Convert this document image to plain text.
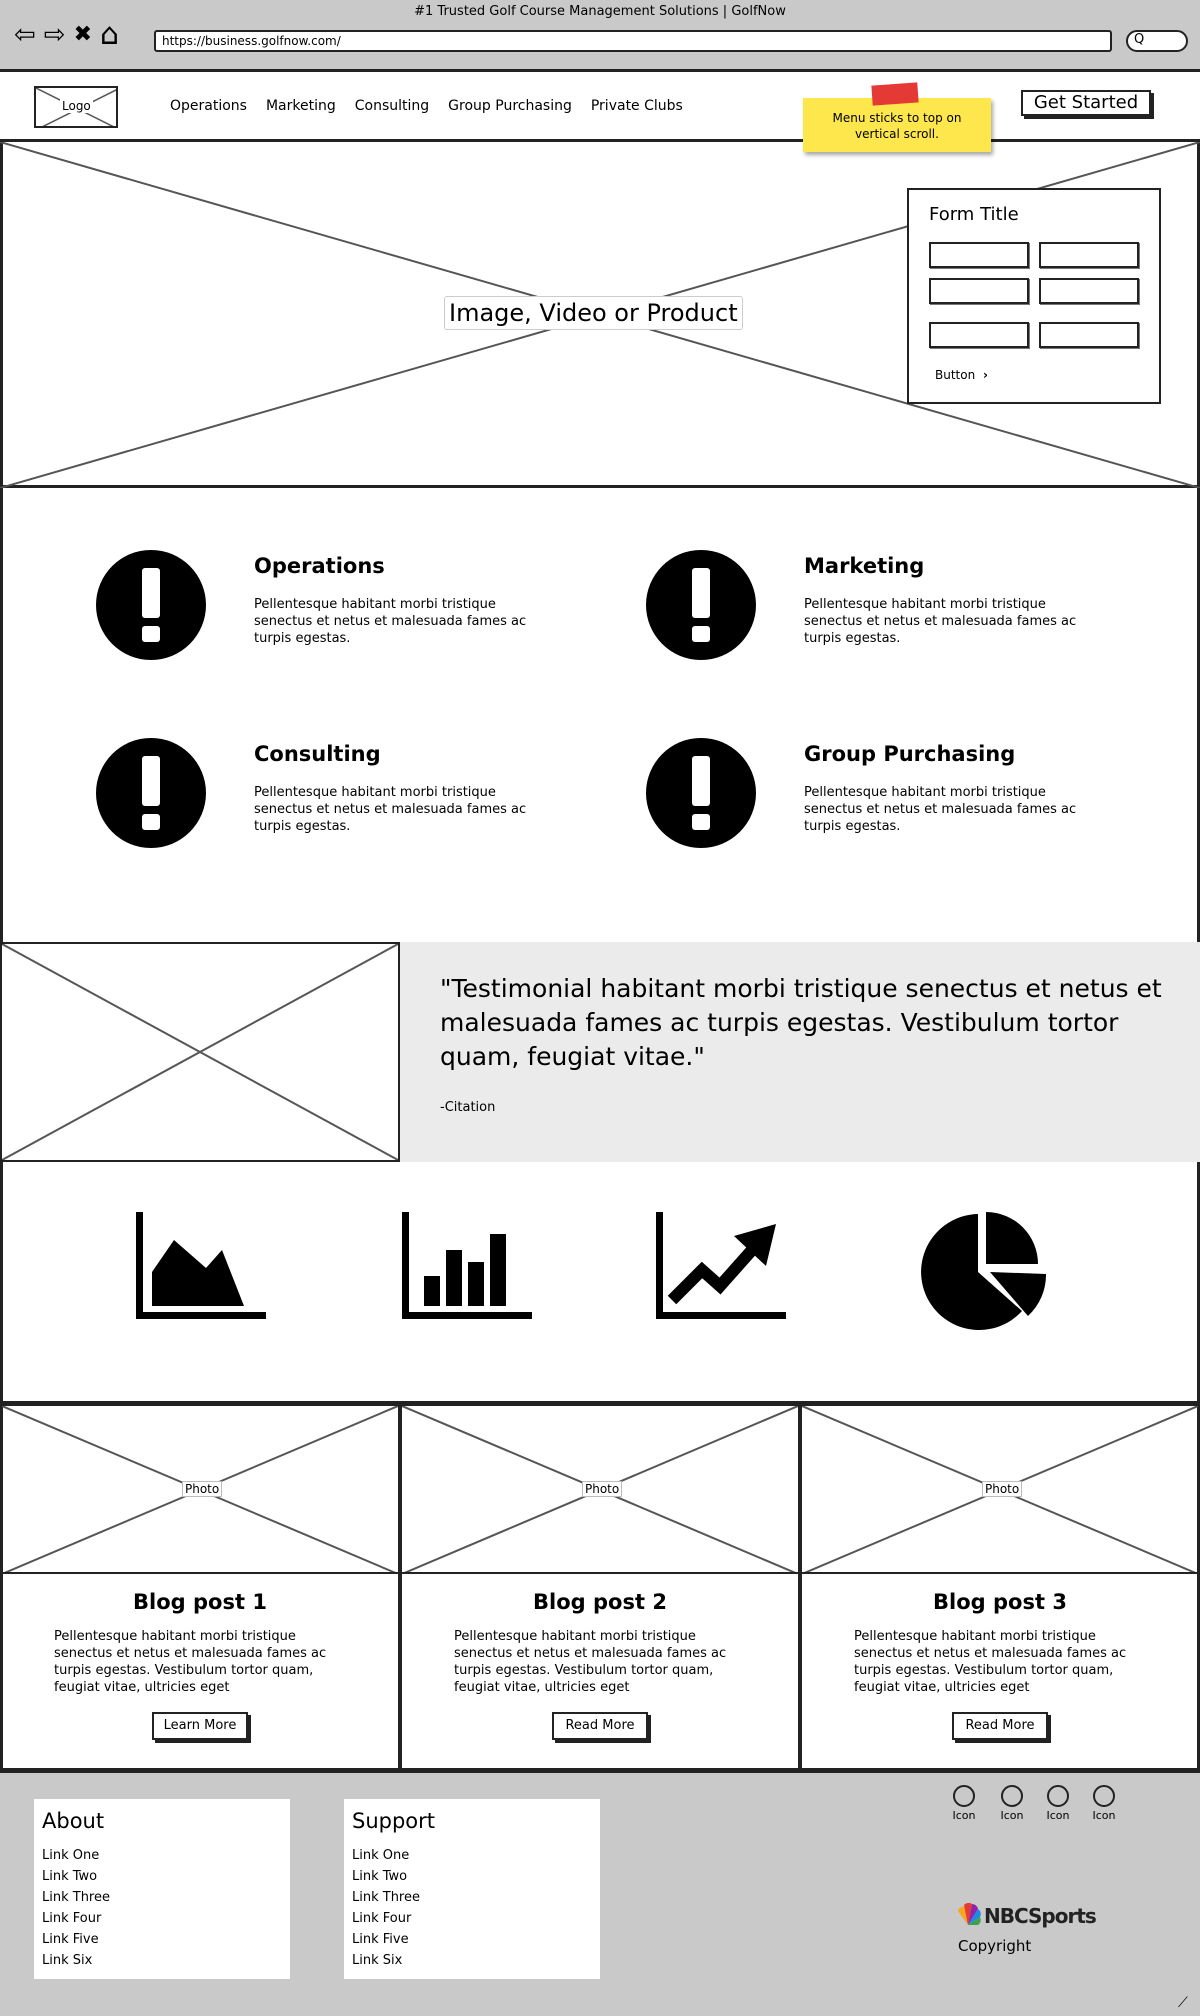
#1 Trusted Golf Course Management Solutions | GolfNow
⇦ ⇨ ✖ ⌂	https://business.golfnow.com/	Q
Logo	Operations Marketing Consulting Group Purchasing Private Clubs
Menu sticks to top on vertical scroll.
Get Started
Image, Video or Product
Form Title
Button ›
Operations

Pellentesque habitant morbi tristique senectus et netus et malesuada fames ac turpis egestas.

Marketing

Pellentesque habitant morbi tristique senectus et netus et malesuada fames ac turpis egestas.

Consulting

Pellentesque habitant morbi tristique senectus et netus et malesuada fames ac turpis egestas.

Group Purchasing

Pellentesque habitant morbi tristique senectus et netus et malesuada fames ac turpis egestas.

"Testimonial habitant morbi tristique senectus et netus et malesuada fames ac turpis egestas. Vestibulum tortor quam, feugiat vitae."
-Citation
Photo
Blog post 1

Pellentesque habitant morbi tristique senectus et netus et malesuada fames ac turpis egestas. Vestibulum tortor quam, feugiat vitae, ultricies eget

Learn More
Photo
Blog post 2

Pellentesque habitant morbi tristique senectus et netus et malesuada fames ac turpis egestas. Vestibulum tortor quam, feugiat vitae, ultricies eget

Read More
Photo
Blog post 3

Pellentesque habitant morbi tristique senectus et netus et malesuada fames ac turpis egestas. Vestibulum tortor quam, feugiat vitae, ultricies eget

Read More
About
Link One
Link Two
Link Three
Link Four
Link Five
Link Six
Support
Link One
Link Two
Link Three
Link Four
Link Five
Link Six
Icon	Icon	Icon	Icon
NBCSports
Copyright
⟋
